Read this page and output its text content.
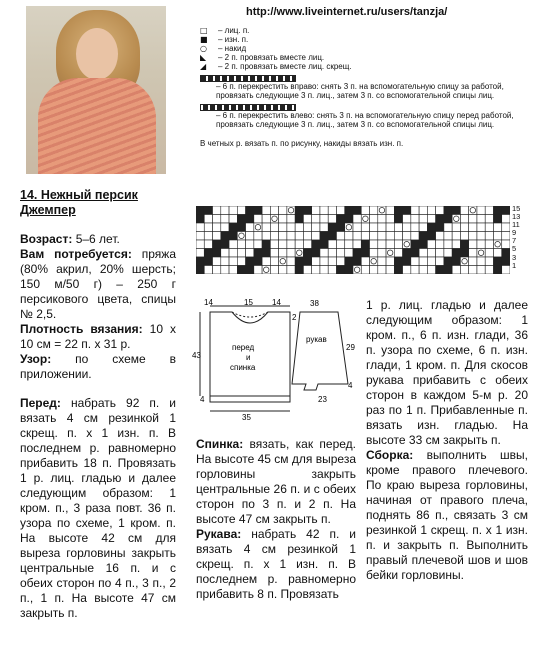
http://www.liveinternet.ru/users/tanzja/
□	– лиц. п.
■	– изн. п.
○	– накид
◣	– 2 п. провязать вместе лиц.
◢	– 2 п. провязать вместе лиц. скрещ.
– 6 п. перекрестить вправо: снять 3 п. на вспомогательную спицу за работой, провязать следующие 3 п. лиц., затем 3 п. со вспомогательной спицы лиц.
– 6 п. перекрестить влево: снять 3 п. на вспомогательную спицу перед работой, провязать следующие 3 п. лиц., затем 3 п. со вспомогательной спицы лиц.
В четных р. вязать п. по рисунку, накиды вязать изн. п.
15
13
11
9
7
5
3
1
14. Нежный персик
Джемпер
Возраст: 5–6 лет.
Вам потребуется: пряжа (80% акрил, 20% шерсть; 150 м/50 г) – 250 г персикового цвета, спицы № 2,5.
Плотность вязания: 10 х 10 см = 22 п. х 31 р.
Узор: по схеме в приложении.
Перед: набрать 92 п. и вязать 4 см резинкой 1 скрещ. п. х 1 изн. п. В последнем р. равномерно прибавить 18 п. Провязать 1 р. лиц. гладью и далее следующим образом: 1 кром. п., 3 раза повт. 36 п. узора по схеме, 1 кром. п. На высоте 42 см для выреза горловины закрыть центральные 16 п. и с обеих сторон по 4 п., 3 п., 2 п., 1 п. На высоте 47 см закрыть п.
14	15 14
43
2
4
35
перед
и
спинка
рукав
38
29
4
23
Спинка: вязать, как перед. На высоте 45 см для выреза горловины закрыть центральные 26 п. и с обеих сторон по 3 п. и 2 п. На высоте 47 см закрыть п.
Рукава: набрать 42 п. и вязать 4 см резинкой 1 скрещ. п. х 1 изн. п. В последнем р. равномерно прибавить 8 п. Провязать
1 р. лиц. гладью и далее следующим образом: 1 кром. п., 6 п. изн. глади, 36 п. узора по схеме, 6 п. изн. глади, 1 кром. п. Для скосов рукава прибавить с обеих сторон в каждом 5-м р. 20 раз по 1 п. Прибавленные п. вязать изн. гладью. На высоте 33 см закрыть п.
Сборка: выполнить швы, кроме правого плечевого. По краю выреза горловины, начиная от правого плеча, поднять 86 п., связать 3 см резинкой 1 скрещ. п. х 1 изн. п. и закрыть п. Выполнить правый плечевой шов и шов бейки горловины.
